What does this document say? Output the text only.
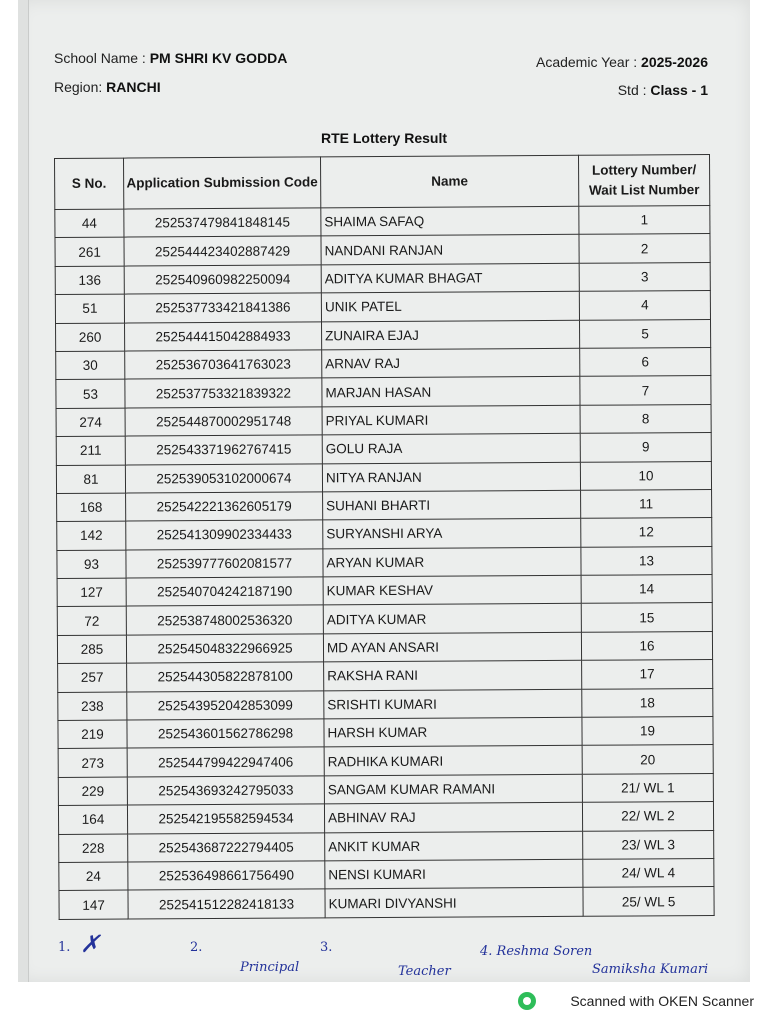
School Name : PM SHRI KV GODDA
Region: RANCHI
Academic Year : 2025-2026
Std : Class - 1
RTE Lottery Result
S No.	Application Submission Code	Name	Lottery Number/ Wait List Number
44	252537479841848145	SHAIMA SAFAQ	1
261	252544423402887429	NANDANI RANJAN	2
136	252540960982250094	ADITYA KUMAR BHAGAT	3
51	252537733421841386	UNIK PATEL	4
260	252544415042884933	ZUNAIRA EJAJ	5
30	252536703641763023	ARNAV RAJ	6
53	252537753321839322	MARJAN HASAN	7
274	252544870002951748	PRIYAL KUMARI	8
211	252543371962767415	GOLU RAJA	9
81	252539053102000674	NITYA RANJAN	10
168	252542221362605179	SUHANI BHARTI	11
142	252541309902334433	SURYANSHI ARYA	12
93	252539777602081577	ARYAN KUMAR	13
127	252540704242187190	KUMAR KESHAV	14
72	252538748002536320	ADITYA KUMAR	15
285	252545048322966925	MD AYAN ANSARI	16
257	252544305822878100	RAKSHA RANI	17
238	252543952042853099	SRISHTI KUMARI	18
219	252543601562786298	HARSH KUMAR	19
273	252544799422947406	RADHIKA KUMARI	20
229	252543693242795033	SANGAM KUMAR RAMANI	21/ WL 1
164	252542195582594534	ABHINAV RAJ	22/ WL 2
228	252543687222794405	ANKIT KUMAR	23/ WL 3
24	252536498661756490	NENSI KUMARI	24/ WL 4
147	252541512282418133	KUMARI DIVYANSHI	25/ WL 5
1. ✗	2.
Principal
3.
Teacher
4. Reshma Soren
Samiksha Kumari
Scanned with OKEN Scanner
